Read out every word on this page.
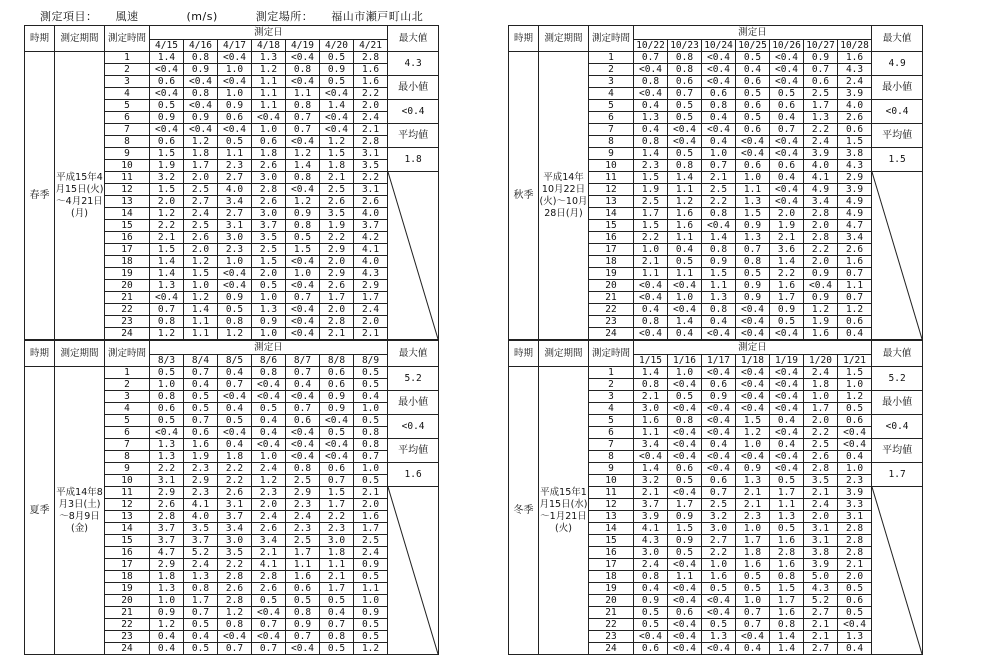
測定項目： 風速	(m/s)	測定場所： 福山市瀬戸町山北
時期	測定期間	測定時間	測定日							最大値
			4/15	4/16	4/17	4/18	4/19	4/20	4/21	
春季	平成15年4月15日(火)～4月21日(月)	1	1.4	0.8	<0.4	1.3	<0.4	0.5	2.8	4.3
		2	<0.4	0.9	1.0	1.2	0.8	0.9	1.6	
		3	0.6	<0.4	<0.4	1.1	<0.4	0.5	1.6	最小値
		4	<0.4	0.8	1.0	1.1	1.1	<0.4	2.2	
		5	0.5	<0.4	0.9	1.1	0.8	1.4	2.0	<0.4
		6	0.9	0.9	0.6	<0.4	0.7	<0.4	2.4	
		7	<0.4	<0.4	<0.4	1.0	0.7	<0.4	2.1	平均値
		8	0.6	1.2	0.5	0.6	<0.4	1.2	2.8	
		9	1.5	1.8	1.1	1.8	1.2	1.5	3.1	1.8
		10	1.9	1.7	2.3	2.6	1.4	1.8	3.5	
		11	3.2	2.0	2.7	3.0	0.8	2.1	2.2	

		12	1.5	2.5	4.0	2.8	<0.4	2.5	3.1	
		13	2.0	2.7	3.4	2.6	1.2	2.6	2.6	
		14	1.2	2.4	2.7	3.0	0.9	3.5	4.0	
		15	2.2	2.5	3.1	3.7	0.8	1.9	3.7	
		16	2.1	2.6	3.0	3.5	0.5	2.2	4.2	
		17	1.5	2.0	2.3	2.5	1.5	2.9	4.1	
		18	1.4	1.2	1.0	1.5	<0.4	2.0	4.0	
		19	1.4	1.5	<0.4	2.0	1.0	2.9	4.3	
		20	1.3	1.0	<0.4	0.5	<0.4	2.6	2.9	
		21	<0.4	1.2	0.9	1.0	0.7	1.7	1.7	
		22	0.7	1.4	0.5	1.3	<0.4	2.0	2.4	
		23	0.8	1.1	0.8	0.9	<0.4	2.8	2.0	
		24	1.2	1.1	1.2	1.0	<0.4	2.1	2.1	
時期	測定期間	測定時間	測定日							最大値
			10/22	10/23	10/24	10/25	10/26	10/27	10/28	
秋季	平成14年10月22日(火)～10月28日(月)	1	0.7	0.8	<0.4	0.5	<0.4	0.9	1.6	4.9
		2	<0.4	0.8	<0.4	0.4	<0.4	0.7	4.3	
		3	0.8	0.6	<0.4	0.6	<0.4	0.6	2.4	最小値
		4	<0.4	0.7	0.6	0.5	0.5	2.5	3.9	
		5	0.4	0.5	0.8	0.6	0.6	1.7	4.0	<0.4
		6	1.3	0.5	0.4	0.5	0.4	1.3	2.6	
		7	0.4	<0.4	<0.4	0.6	0.7	2.2	0.6	平均値
		8	0.8	<0.4	0.4	<0.4	<0.4	2.4	1.5	
		9	1.4	0.5	1.0	<0.4	<0.4	3.9	3.8	1.5
		10	2.3	0.8	0.7	0.6	0.6	4.0	4.3	
		11	1.5	1.4	2.1	1.0	0.4	4.1	2.9	

		12	1.9	1.1	2.5	1.1	<0.4	4.9	3.9	
		13	2.5	1.2	2.2	1.3	<0.4	3.4	4.9	
		14	1.7	1.6	0.8	1.5	2.0	2.8	4.9	
		15	1.5	1.6	<0.4	0.9	1.9	2.0	4.7	
		16	2.2	1.1	1.4	1.3	2.1	2.8	3.4	
		17	1.0	0.4	0.8	0.7	3.6	2.2	2.6	
		18	2.1	0.5	0.9	0.8	1.4	2.0	1.6	
		19	1.1	1.1	1.5	0.5	2.2	0.9	0.7	
		20	<0.4	<0.4	1.1	0.9	1.6	<0.4	1.1	
		21	<0.4	1.0	1.3	0.9	1.7	0.9	0.7	
		22	0.4	<0.4	0.8	<0.4	0.9	1.2	1.2	
		23	0.8	1.4	0.4	<0.4	0.5	1.9	0.6	
		24	<0.4	0.4	<0.4	<0.4	<0.4	1.6	0.4	
時期	測定期間	測定時間	測定日							最大値
			8/3	8/4	8/5	8/6	8/7	8/8	8/9	
夏季	平成14年8月3日(土)～8月9日(金)	1	0.5	0.7	0.4	0.8	0.7	0.6	0.5	5.2
		2	1.0	0.4	0.7	<0.4	0.4	0.6	0.5	
		3	0.8	0.5	<0.4	<0.4	<0.4	0.9	0.4	最小値
		4	0.6	0.5	0.4	0.5	0.7	0.9	1.0	
		5	0.5	0.7	0.5	0.4	0.6	<0.4	0.5	<0.4
		6	<0.4	0.6	<0.4	0.4	<0.4	0.5	0.8	
		7	1.3	1.6	0.4	<0.4	<0.4	<0.4	0.8	平均値
		8	1.3	1.9	1.8	1.0	<0.4	<0.4	0.7	
		9	2.2	2.3	2.2	2.4	0.8	0.6	1.0	1.6
		10	3.1	2.9	2.2	1.2	2.5	0.7	0.5	
		11	2.9	2.3	2.6	2.3	2.9	1.5	2.1	

		12	2.6	4.1	3.1	2.0	2.3	1.7	2.0	
		13	2.8	4.0	3.7	2.4	2.4	2.2	1.6	
		14	3.7	3.5	3.4	2.6	2.3	2.3	1.7	
		15	3.7	3.7	3.0	3.4	2.5	3.0	2.5	
		16	4.7	5.2	3.5	2.1	1.7	1.8	2.4	
		17	2.9	2.4	2.2	4.1	1.1	1.1	0.9	
		18	1.8	1.3	2.8	2.8	1.6	2.1	0.5	
		19	1.3	0.8	2.6	2.6	0.6	1.7	1.1	
		20	1.0	1.7	2.8	0.5	0.5	0.5	1.0	
		21	0.9	0.7	1.2	<0.4	0.8	0.4	0.9	
		22	1.2	0.5	0.8	0.7	0.9	0.7	0.5	
		23	0.4	0.4	<0.4	<0.4	0.7	0.8	0.5	
		24	0.4	0.5	0.7	0.7	<0.4	0.5	1.2	
時期	測定期間	測定時間	測定日							最大値
			1/15	1/16	1/17	1/18	1/19	1/20	1/21	
冬季	平成15年1月15日(水)～1月21日(火)	1	1.4	1.0	<0.4	<0.4	<0.4	2.4	1.5	5.2
		2	0.8	<0.4	0.6	<0.4	<0.4	1.8	1.0	
		3	2.1	0.5	0.9	<0.4	<0.4	1.0	1.2	最小値
		4	3.0	<0.4	<0.4	<0.4	<0.4	1.7	0.5	
		5	1.6	0.8	<0.4	1.5	0.4	2.0	0.6	<0.4
		6	1.1	<0.4	<0.4	1.2	<0.4	2.2	<0.4	
		7	3.4	<0.4	0.4	1.0	0.4	2.5	<0.4	平均値
		8	<0.4	<0.4	<0.4	<0.4	<0.4	2.6	0.4	
		9	1.4	0.6	<0.4	0.9	<0.4	2.8	1.0	1.7
		10	3.2	0.5	0.6	1.3	0.5	3.5	2.3	
		11	2.1	<0.4	0.7	2.1	1.7	2.1	3.9	

		12	3.7	1.7	2.5	2.1	1.1	2.4	3.3	
		13	3.9	0.9	3.2	2.3	1.3	2.0	3.1	
		14	4.1	1.5	3.0	1.0	0.5	3.1	2.8	
		15	4.3	0.9	2.7	1.7	1.6	3.1	2.8	
		16	3.0	0.5	2.2	1.8	2.8	3.8	2.8	
		17	2.4	<0.4	1.0	1.6	1.6	3.9	2.1	
		18	0.8	1.1	1.6	0.5	0.8	5.0	2.0	
		19	0.4	<0.4	0.5	0.5	1.5	4.3	0.5	
		20	0.9	<0.4	<0.4	1.0	1.7	5.2	0.6	
		21	0.5	0.6	<0.4	0.7	1.6	2.7	0.5	
		22	0.5	<0.4	0.5	0.7	0.8	2.1	<0.4	
		23	<0.4	<0.4	1.3	<0.4	1.4	2.1	1.3	
		24	0.6	<0.4	<0.4	0.4	1.4	2.7	0.4	
